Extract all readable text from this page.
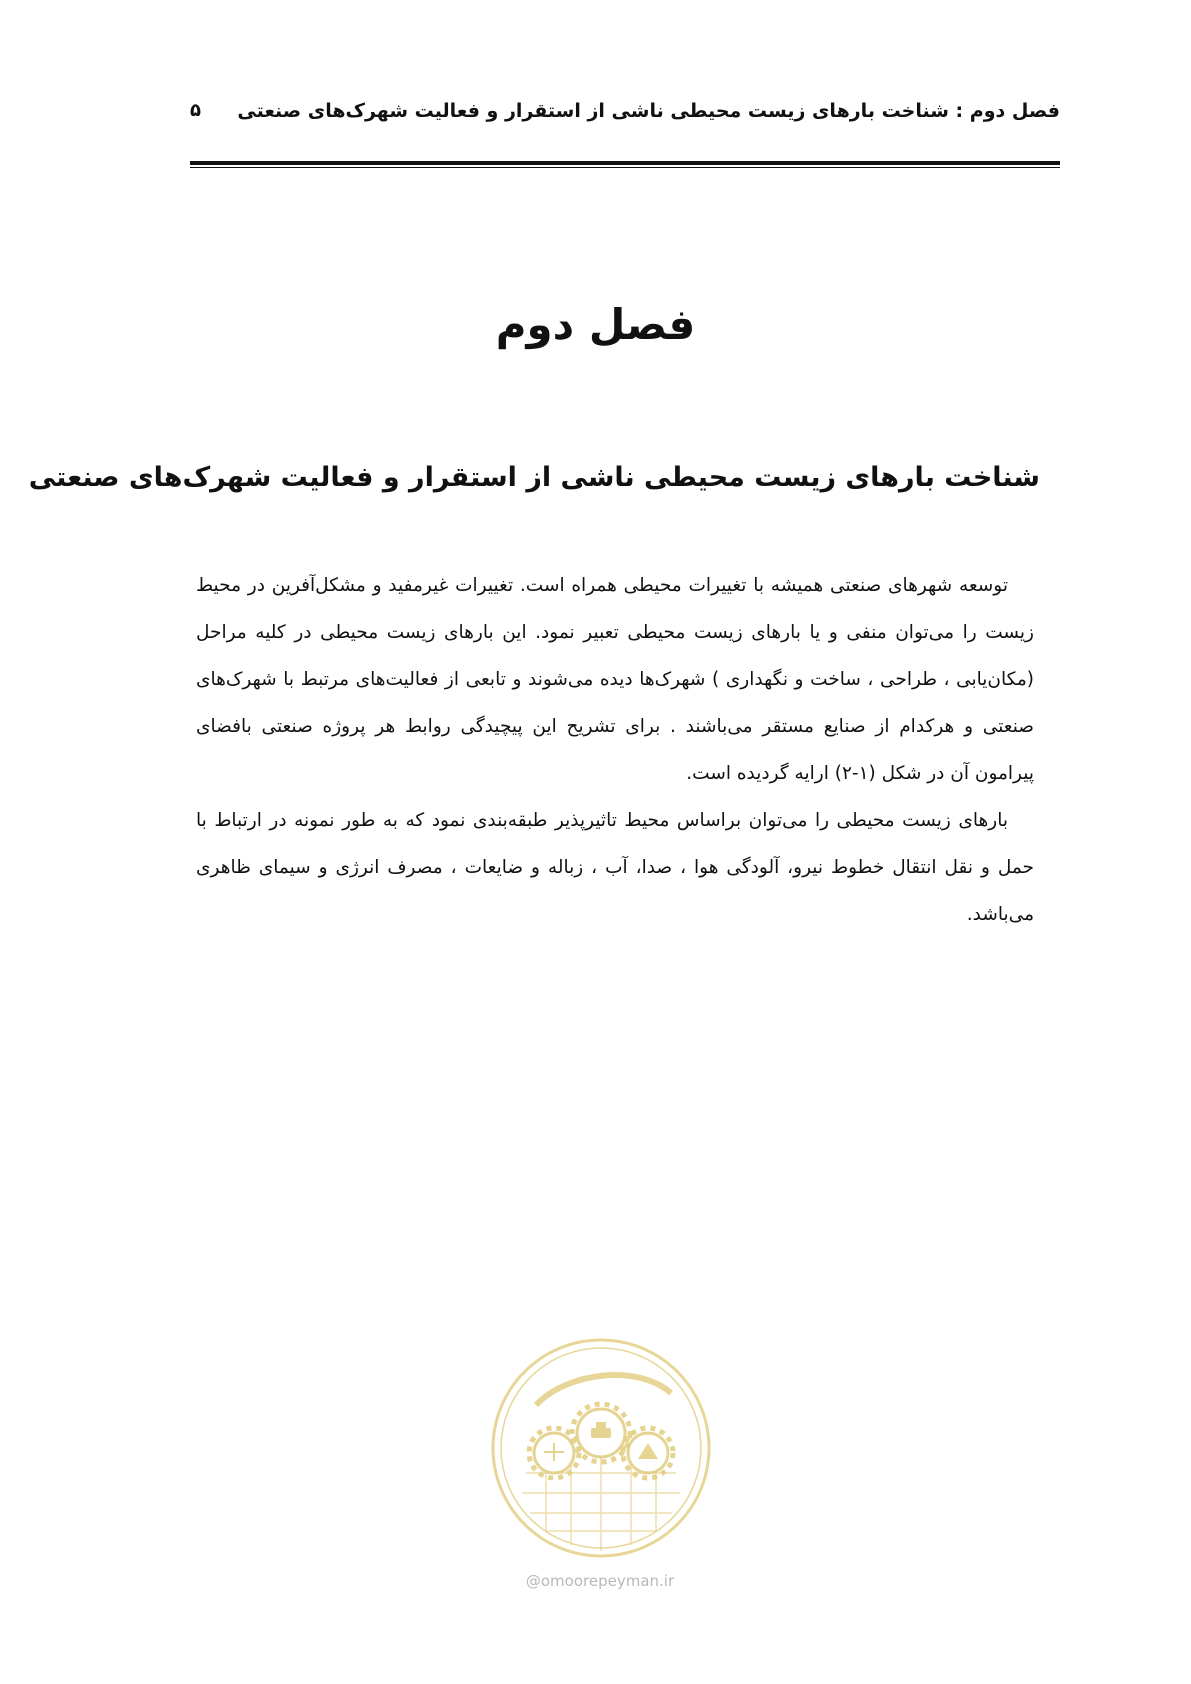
فصل دوم : شناخت بارهای زیست محیطی ناشی از استقرار و فعالیت شهرک‌های صنعتی
۵
فصل دوم
شناخت بارهای زیست محیطی ناشی از استقرار و فعالیت شهرک‌های صنعتی

توسعه شهرهای صنعتی همیشه با تغییرات محیطی همراه است. تغییرات غیرمفید و مشکل‌آفرین در محیط زیست را می‌توان منفی و یا بارهای زیست محیطی تعبیر نمود. این بارهای زیست محیطی در کلیه مراحل (مکان‌یابی ، طراحی ، ساخت و نگهداری ) شهرک‌ها دیده می‌شوند و تابعی از فعالیت‌های مرتبط با شهرک‌های صنعتی و هرکدام از صنایع مستقر می‌باشند . برای تشریح این پیچیدگی روابط هر پروژه صنعتی بافضای پیرامون آن در شکل (۱-۲) ارایه گردیده است.

بارهای زیست محیطی را می‌توان براساس محیط تاثیرپذیر طبقه‌بندی نمود که به طور نمونه در ارتباط با حمل و نقل انتقال خطوط نیرو، آلودگی هوا ، صدا، آب ، زباله و ضایعات ، مصرف انرژی و سیمای ظاهری می‌باشد.

@omoorepeyman.ir
